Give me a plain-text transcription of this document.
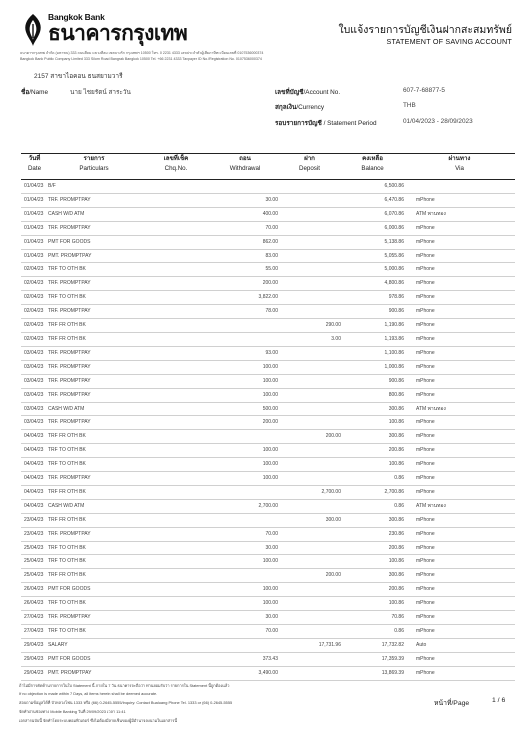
Bangkok Bank
ธนาคารกรุงเทพ	ใบแจ้งรายการบัญชีเงินฝากสะสมทรัพย์
STATEMENT OF SAVING ACCOUNT
ธนาคารกรุงเทพ จำกัด (มหาชน) 333 ถนนสีลม แขวงสีลม เขตบางรัก กรุงเทพฯ 10500 โทร. 0 2231 4333 เลขประจำตัวผู้เสียภาษีทะเบียนเลขที่ 0107536000374
Bangkok Bank Public Company Limited 333 Silom Road Bangrak Bangkok 10500 Tel. +66 2231 4333 Taxpayer ID No./Registration No. 0107536000374
2157 สาขาไอคอน ธนสยามวารี
ชื่อ/Name	นาย ไชยรัตน์ สาระวัน	เลขที่บัญชี/Account No.	607-7-68877-5
สกุลเงิน/Currency	THB
รอบรายการบัญชี / Statement Period	01/04/2023 - 28/09/2023
วันที่	รายการ	เลขที่เช็ค	ถอน	ฝาก	คงเหลือ	ผ่านทาง
Date	Particulars	Chq.No.	Withdrawal	Deposit	Balance	Via

01/04/23	B/F				6,500.86	
01/04/23	TRF. PROMPTPAY		30.00		6,470.86	mPhone
01/04/23	CASH W/D ATM		400.00		6,070.86	ATM พานทอง
01/04/23	TRF. PROMPTPAY		70.00		6,000.86	mPhone
01/04/23	PMT FOR GOODS		862.00		5,138.86	mPhone
01/04/23	PMT. PROMPTPAY		83.00		5,055.86	mPhone
02/04/23	TRF TO OTH BK		55.00		5,000.86	mPhone
02/04/23	TRF. PROMPTPAY		200.00		4,800.86	mPhone
02/04/23	TRF TO OTH BK		3,822.00		978.86	mPhone
02/04/23	TRF. PROMPTPAY		78.00		900.86	mPhone
02/04/23	TRF FR OTH BK			290.00	1,190.86	mPhone
02/04/23	TRF FR OTH BK			3.00	1,193.86	mPhone
03/04/23	TRF. PROMPTPAY		93.00		1,100.86	mPhone
03/04/23	TRF. PROMPTPAY		100.00		1,000.86	mPhone
03/04/23	TRF. PROMPTPAY		100.00		900.86	mPhone
03/04/23	TRF. PROMPTPAY		100.00		800.86	mPhone
03/04/23	CASH W/D ATM		500.00		300.86	ATM พานทอง
03/04/23	TRF. PROMPTPAY		200.00		100.86	mPhone
04/04/23	TRF FR OTH BK			200.00	300.86	mPhone
04/04/23	TRF TO OTH BK		100.00		200.86	mPhone
04/04/23	TRF TO OTH BK		100.00		100.86	mPhone
04/04/23	TRF. PROMPTPAY		100.00		0.86	mPhone
04/04/23	TRF FR OTH BK			2,700.00	2,700.86	mPhone
04/04/23	CASH W/D ATM		2,700.00		0.86	ATM พานทอง
23/04/23	TRF FR OTH BK			300.00	300.86	mPhone
23/04/23	TRF. PROMPTPAY		70.00		230.86	mPhone
25/04/23	TRF TO OTH BK		30.00		200.86	mPhone
25/04/23	TRF TO OTH BK		100.00		100.86	mPhone
25/04/23	TRF FR OTH BK			200.00	300.86	mPhone
26/04/23	PMT FOR GOODS		100.00		200.86	mPhone
26/04/23	TRF TO OTH BK		100.00		100.86	mPhone
27/04/23	TRF. PROMPTPAY		30.00		70.86	mPhone
27/04/23	TRF TO OTH BK		70.00		0.86	mPhone
29/04/23	SALARY			17,731.96	17,732.82	Auto
29/04/23	PMT FOR GOODS		373.43		17,359.39	mPhone
29/04/23	PMT. PROMPTPAY		3,490.00		13,869.39	mPhone
ถ้าไม่มีการคัดค้านรายการในใบ Statement นี้ ภายใน 7 วัน ธนาคารจะถือว่า ท่านยอมรับว่า รายการใน Statement นี้ถูกต้องแล้ว
If no objection is made within 7 Days, all items herein shall be deemed accurate.
สอบถามข้อมูลได้ที่ บัวหลวงโฟน 1333 หรือ (66) 0-2645-5555/Inquiry: Contact Bualuang Phone Tel. 1333 or (66) 0-2645-5555
จัดทำผ่านช่องทาง Mobile Banking วันที่ 29/09/2023 เวลา 11:41
เอกสารฉบับนี้ จัดทำโดยระบบคอมพิวเตอร์ ซึ่งไม่ต้องมีลายเซ็นของผู้มีอำนาจลงนามในเอกสารนี้
หน้าที่/Page	1 / 6
